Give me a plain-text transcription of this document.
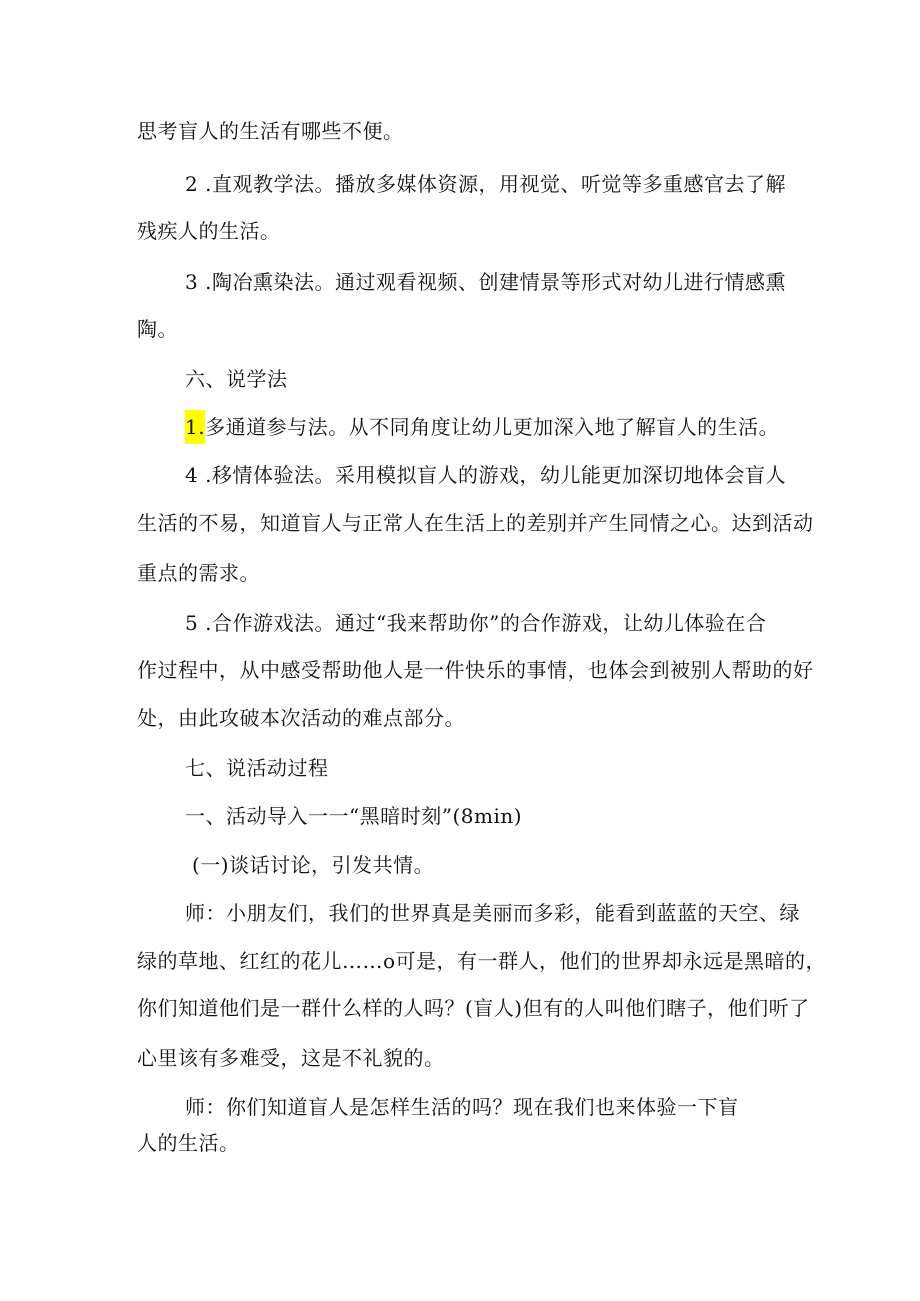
思考盲人的生活有哪些不便。
2 .直观教学法。播放多媒体资源，用视觉、听觉等多重感官去了解
残疾人的生活。
3 .陶冶熏染法。通过观看视频、创建情景等形式对幼儿进行情感熏
陶。
六、说学法
1.多通道参与法。从不同角度让幼儿更加深入地了解盲人的生活。
4 .移情体验法。采用模拟盲人的游戏，幼儿能更加深切地体会盲人
生活的不易，知道盲人与正常人在生活上的差别并产生同情之心。达到活动
重点的需求。
5 .合作游戏法。通过“我来帮助你”的合作游戏，让幼儿体验在合
作过程中，从中感受帮助他人是一件快乐的事情，也体会到被别人帮助的好
处，由此攻破本次活动的难点部分。
七、说活动过程
一、活动导入一一“黑暗时刻”(8min)
(一)谈话讨论，引发共情。
师：小朋友们，我们的世界真是美丽而多彩，能看到蓝蓝的天空、绿
绿的草地、红红的花儿……o可是，有一群人，他们的世界却永远是黑暗的，
你们知道他们是一群什么样的人吗？(盲人)但有的人叫他们瞎子，他们听了
心里该有多难受，这是不礼貌的。
师：你们知道盲人是怎样生活的吗？现在我们也来体验一下盲
人的生活。
